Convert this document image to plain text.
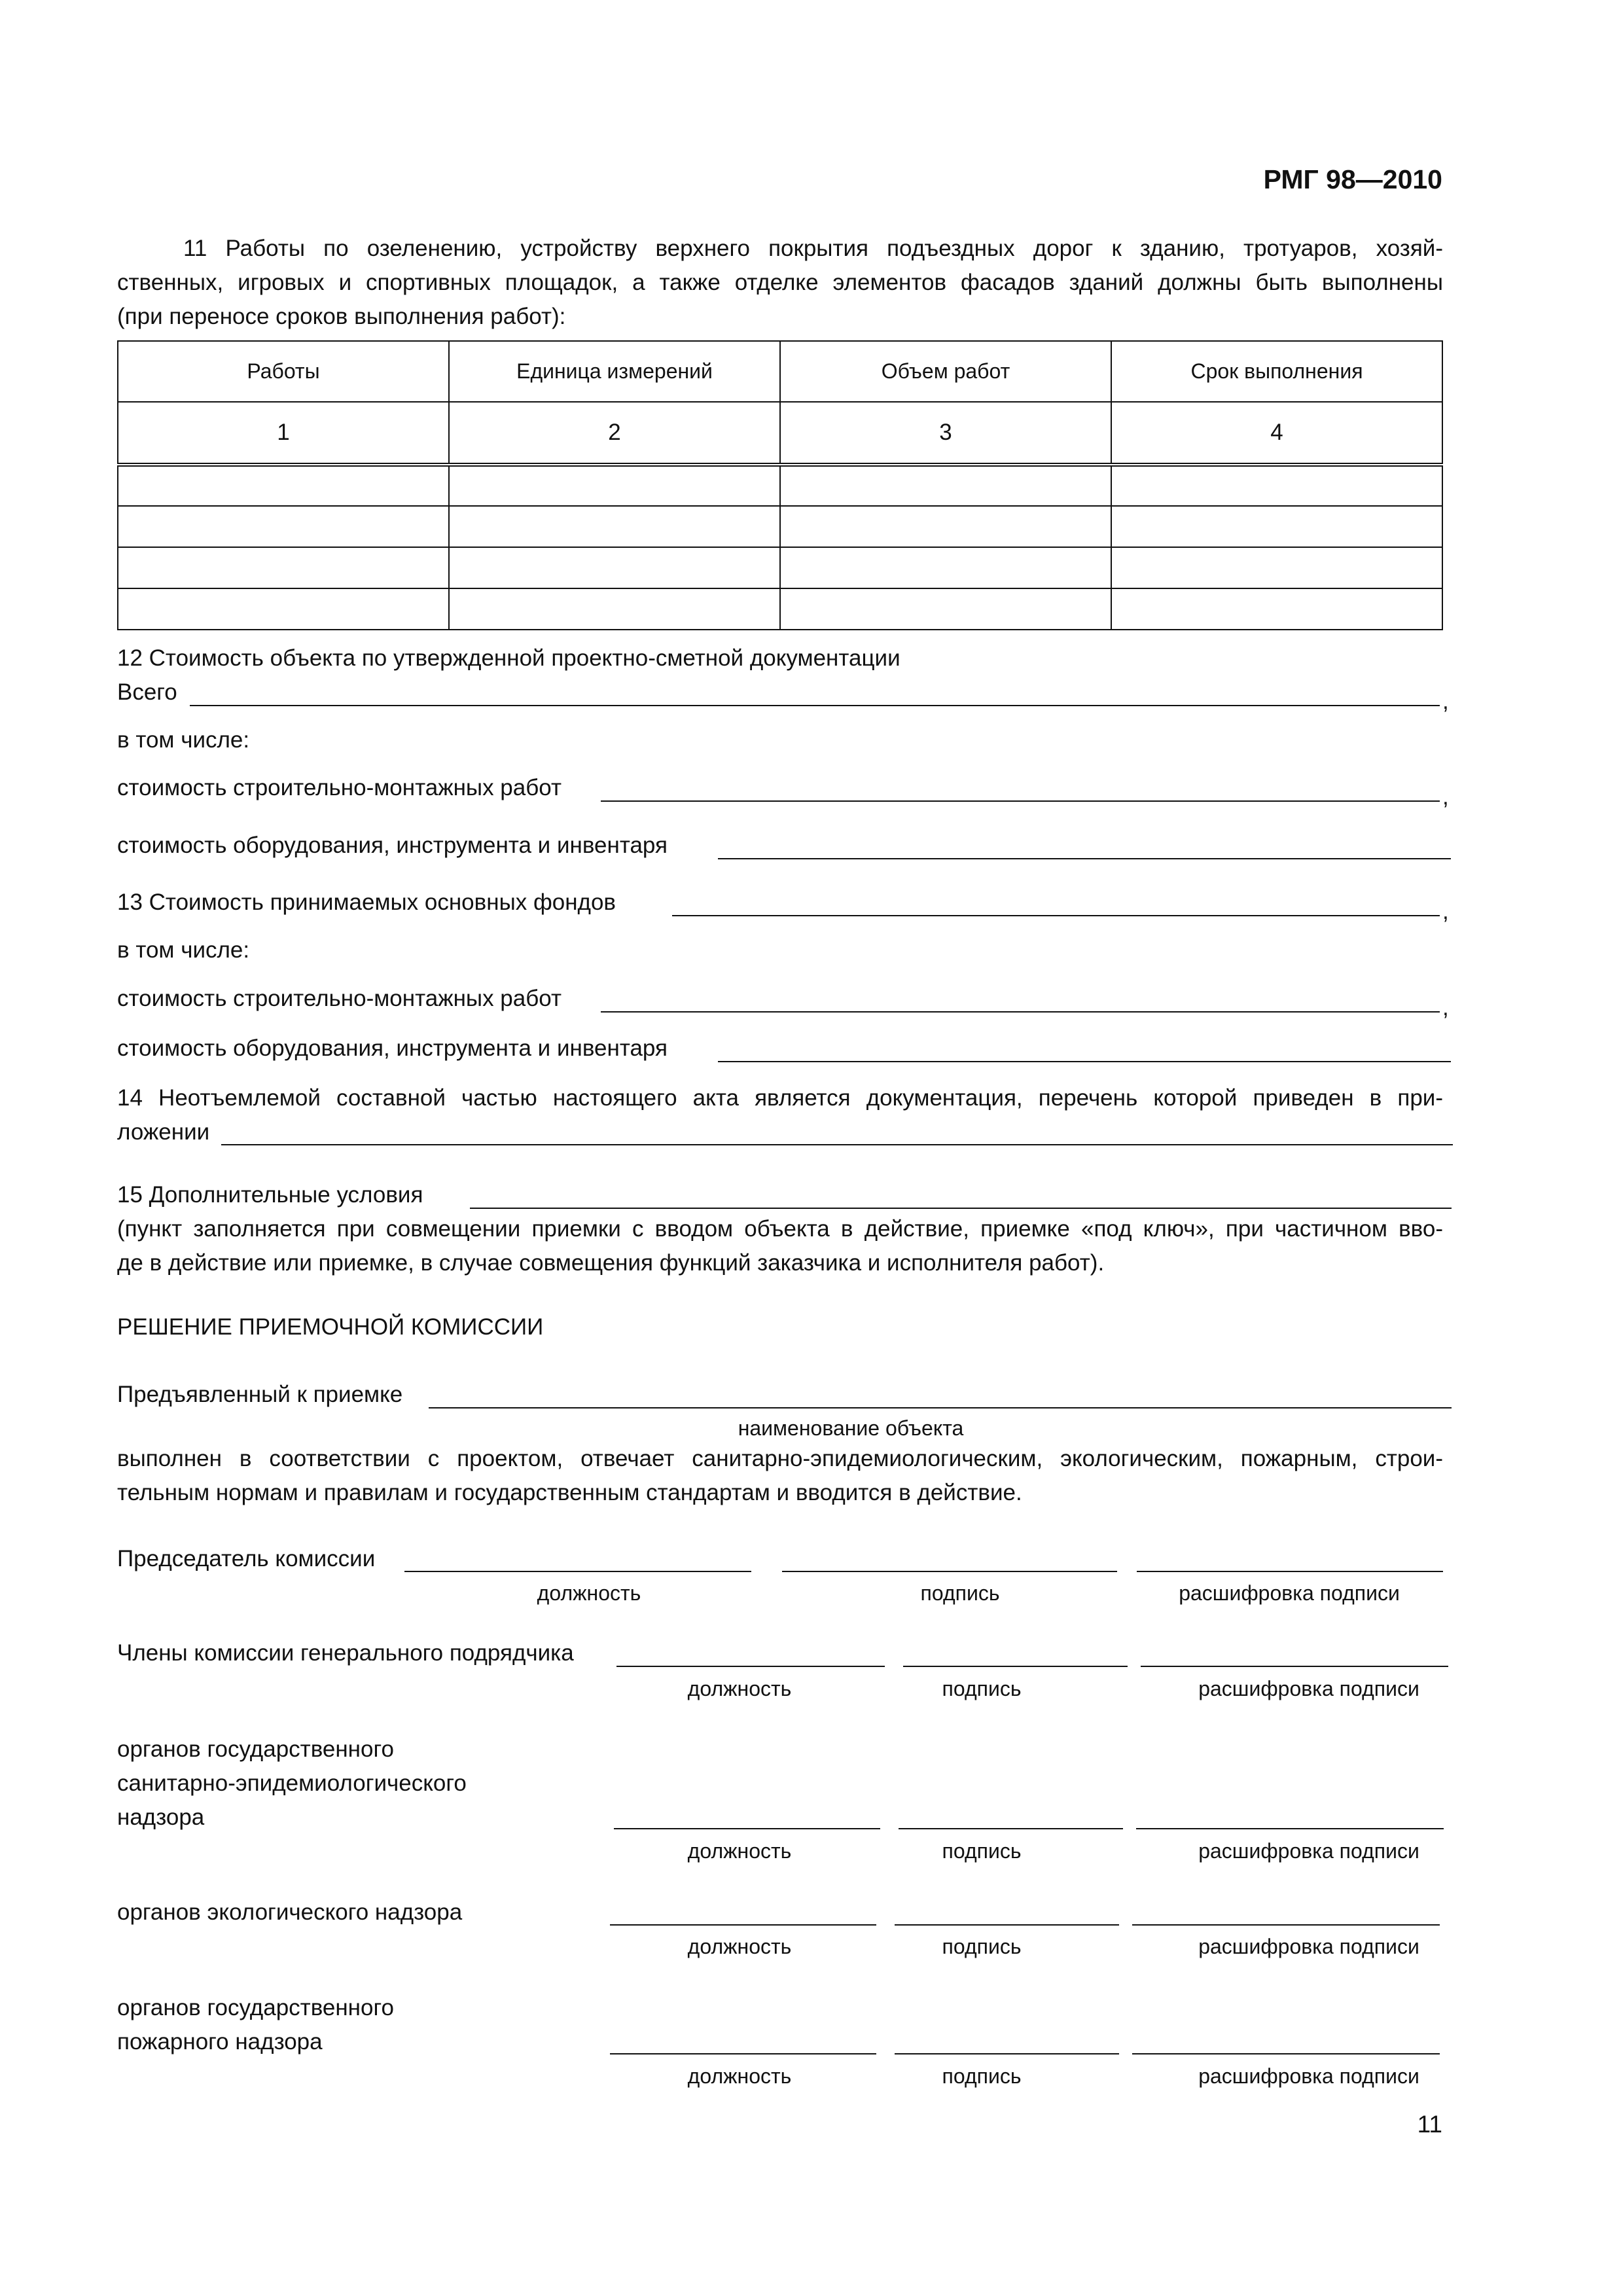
РМГ 98—2010
11 Работы по озеленению, устройству верхнего покрытия подъездных дорог к зданию, тротуаров, хозяй-
ственных, игровых и спортивных площадок, а также отделке элементов фасадов зданий должны быть выполнены
(при переносе сроков выполнения работ):
Работы	Единица измерений	Объем работ	Срок выполнения
1	2	3	4

12 Стоимость объекта по утвержденной проектно-сметной документации
Всего	,
в том числе:
стоимость строительно-монтажных работ	,
стоимость оборудования, инструмента и инвентаря
13 Стоимость принимаемых основных фондов	,
в том числе:
стоимость строительно-монтажных работ	,
стоимость оборудования, инструмента и инвентаря
14 Неотъемлемой составной частью настоящего акта является документация, перечень которой приведен в при-
ложении
15 Дополнительные условия
(пункт заполняется при совмещении приемки с вводом объекта в действие, приемке «под ключ», при частичном вво-
де в действие или приемке, в случае совмещения функций заказчика и исполнителя работ).
РЕШЕНИЕ ПРИЕМОЧНОЙ КОМИССИИ
Предъявленный к приемке
наименование объекта
выполнен в соответствии с проектом, отвечает санитарно-эпидемиологическим, экологическим, пожарным, строи-
тельным нормам и правилам и государственным стандартам и вводится в действие.
Председатель комиссии
должность	подпись	расшифровка подписи
Члены комиссии генерального подрядчика
должность	подпись	расшифровка подписи
органов государственного
санитарно-эпидемиологического
надзора
должность	подпись	расшифровка подписи
органов экологического надзора
должность	подпись	расшифровка подписи
органов государственного
пожарного надзора
должность	подпись	расшифровка подписи
11
